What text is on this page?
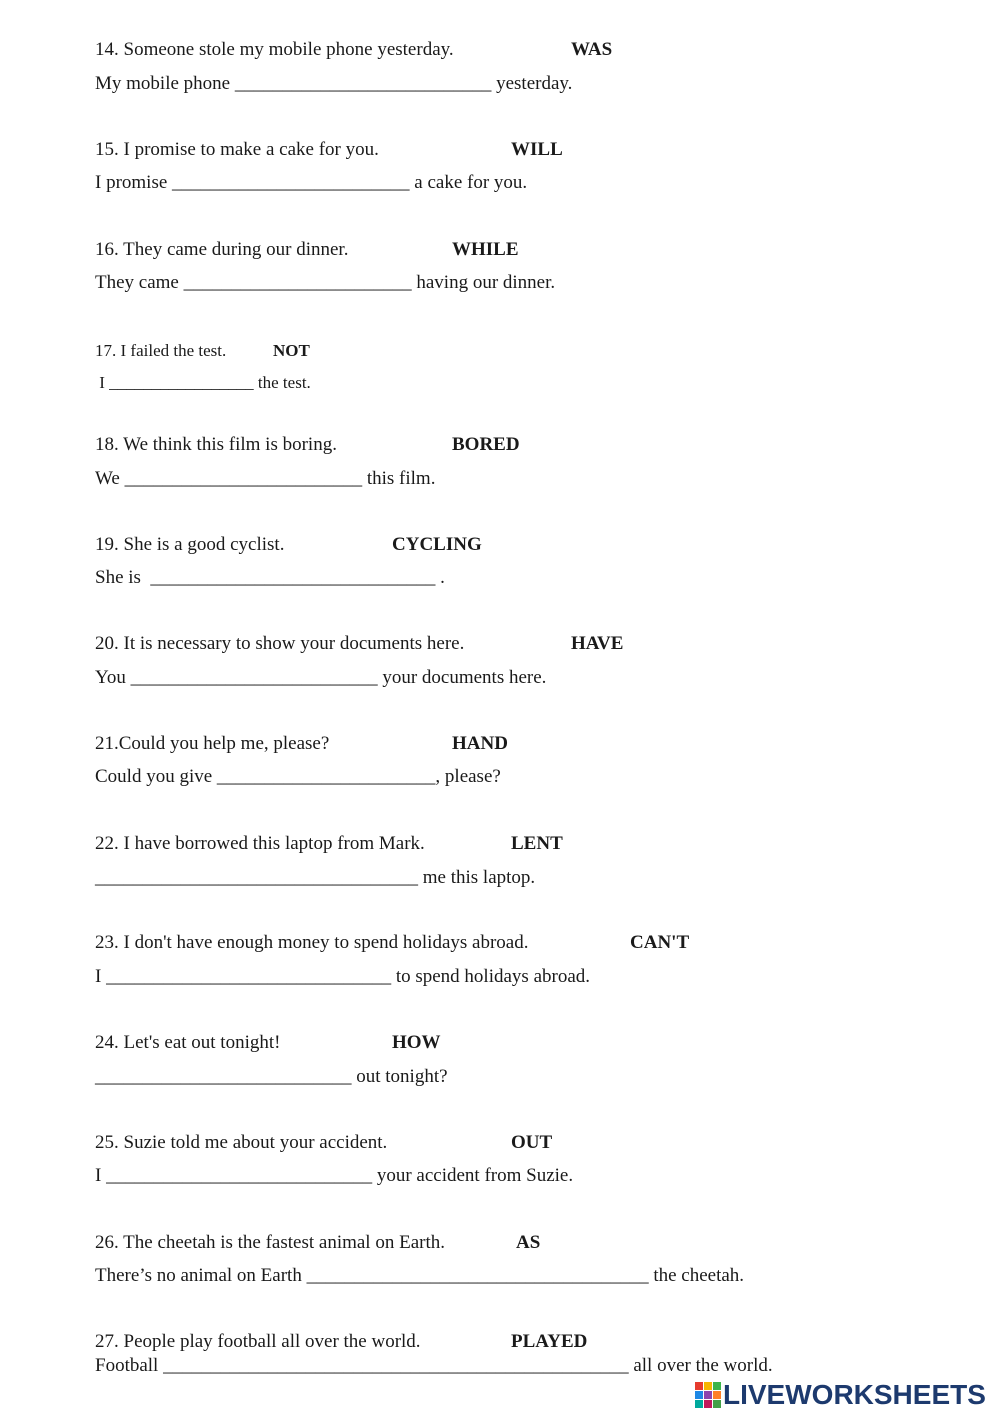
14. Someone stole my mobile phone yesterday.	WAS
My mobile phone ___________________________ yesterday.
15. I promise to make a cake for you.	WILL
I promise _________________________ a cake for you.
16. They came during our dinner.	WHILE
They came ________________________ having our dinner.
17. I failed the test.	NOT
I _________________ the test.
18. We think this film is boring.	BORED
We _________________________ this film.
19. She is a good cyclist.	CYCLING
She is  ______________________________ .
20. It is necessary to show your documents here.	HAVE
You __________________________ your documents here.
21.Could you help me, please?	HAND
Could you give _______________________, please?
22. I have borrowed this laptop from Mark.	LENT
__________________________________ me this laptop.
23. I don't have enough money to spend holidays abroad.	CAN'T
I ______________________________ to spend holidays abroad.
24. Let's eat out tonight!	HOW
___________________________ out tonight?
25. Suzie told me about your accident.	OUT
I ____________________________ your accident from Suzie.
26. The cheetah is the fastest animal on Earth.	AS
There’s no animal on Earth ____________________________________ the cheetah.
27. People play football all over the world.	PLAYED
Football _________________________________________________ all over the world.
LIVEWORKSHEETS
